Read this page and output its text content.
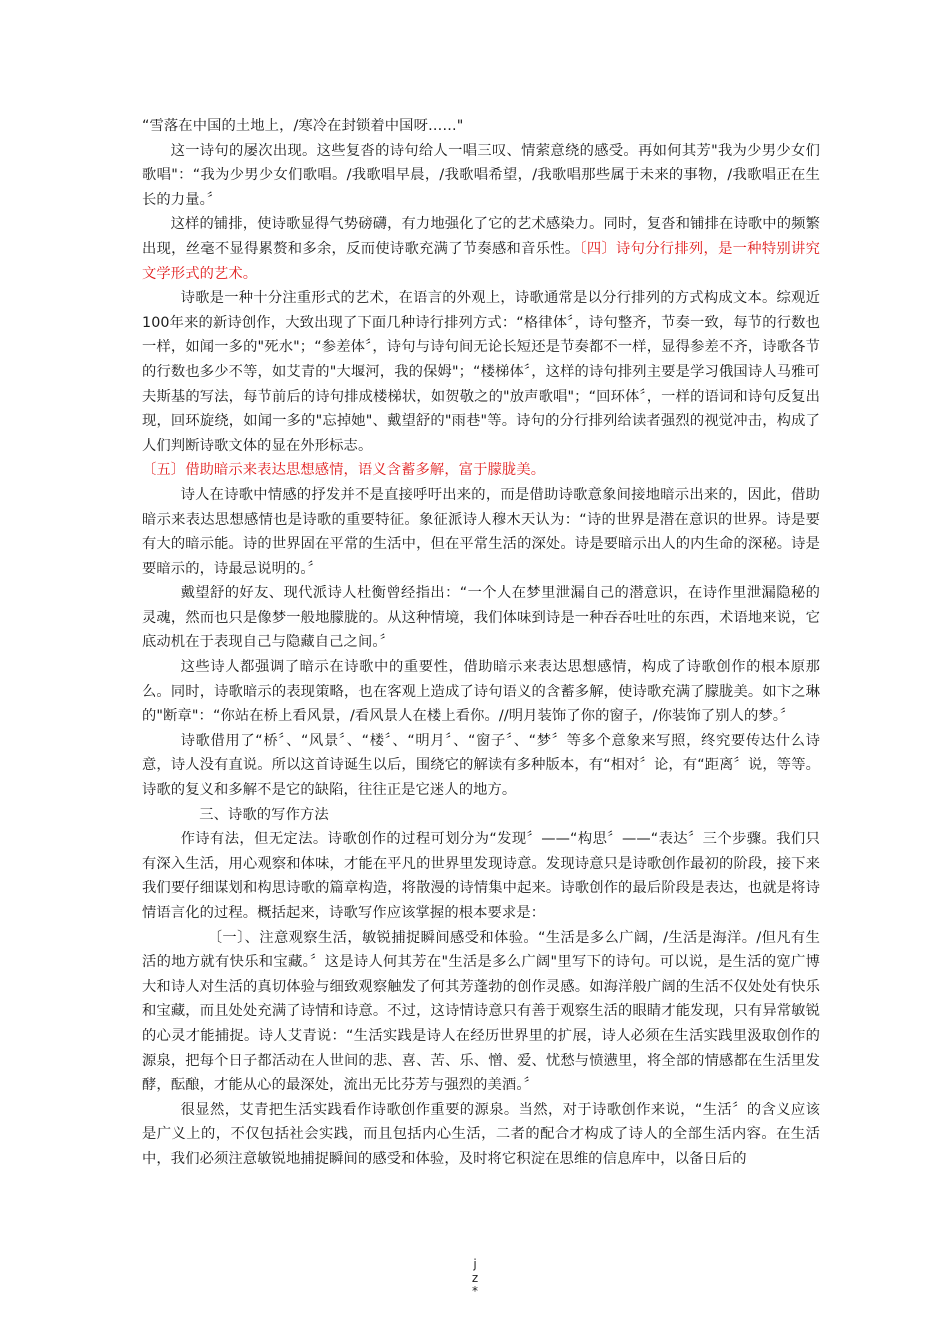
“雪落在中国的土地上，/寒冷在封锁着中国呀……"

这一诗句的屡次出现。这些复沓的诗句给人一唱三叹、情萦意绕的感受。再如何其芳"我为少男少女们歌唱"：“我为少男少女们歌唱。/我歌唱早晨，/我歌唱希望，/我歌唱那些属于未来的事物，/我歌唱正在生长的力量。〞

这样的铺排，使诗歌显得气势磅礴，有力地强化了它的艺术感染力。同时，复沓和铺排在诗歌中的频繁出现，丝毫不显得累赘和多余，反而使诗歌充满了节奏感和音乐性。〔四〕诗句分行排列，是一种特别讲究文学形式的艺术。

诗歌是一种十分注重形式的艺术，在语言的外观上，诗歌通常是以分行排列的方式构成文本。综观近100年来的新诗创作，大致出现了下面几种诗行排列方式：“格律体〞，诗句整齐，节奏一致，每节的行数也一样，如闻一多的"死水"；“参差体〞，诗句与诗句间无论长短还是节奏都不一样，显得参差不齐，诗歌各节的行数也多少不等，如艾青的"大堰河，我的保姆"；“楼梯体〞，这样的诗句排列主要是学习俄国诗人马雅可夫斯基的写法，每节前后的诗句排成楼梯状，如贺敬之的"放声歌唱"；“回环体〞，一样的语词和诗句反复出现，回环旋绕，如闻一多的"忘掉她"、戴望舒的"雨巷"等。诗句的分行排列给读者强烈的视觉冲击，构成了人们判断诗歌文体的显在外形标志。

〔五〕借助暗示来表达思想感情，语义含蓄多解，富于朦胧美。

诗人在诗歌中情感的抒发并不是直接呼吁出来的，而是借助诗歌意象间接地暗示出来的，因此，借助暗示来表达思想感情也是诗歌的重要特征。象征派诗人穆木天认为：“诗的世界是潜在意识的世界。诗是要有大的暗示能。诗的世界固在平常的生活中，但在平常生活的深处。诗是要暗示出人的内生命的深秘。诗是要暗示的，诗最忌说明的。〞

戴望舒的好友、现代派诗人杜衡曾经指出：“一个人在梦里泄漏自己的潜意识，在诗作里泄漏隐秘的灵魂，然而也只是像梦一般地朦胧的。从这种情境，我们体味到诗是一种吞吞吐吐的东西，术语地来说，它底动机在于表现自己与隐藏自己之间。〞

这些诗人都强调了暗示在诗歌中的重要性，借助暗示来表达思想感情，构成了诗歌创作的根本原那么。同时，诗歌暗示的表现策略，也在客观上造成了诗句语义的含蓄多解，使诗歌充满了朦胧美。如卞之琳的"断章"：“你站在桥上看风景，/看风景人在楼上看你。//明月装饰了你的窗子，/你装饰了别人的梦。〞

诗歌借用了“桥〞、“风景〞、“楼〞、“明月〞、“窗子〞、“梦〞等多个意象来写照，终究要传达什么诗意，诗人没有直说。所以这首诗诞生以后，围绕它的解读有多种版本，有“相对〞论，有“距离〞说，等等。诗歌的复义和多解不是它的缺陷，往往正是它迷人的地方。

三、诗歌的写作方法

作诗有法，但无定法。诗歌创作的过程可划分为“发现〞——“构思〞——“表达〞三个步骤。我们只有深入生活，用心观察和体味，才能在平凡的世界里发现诗意。发现诗意只是诗歌创作最初的阶段，接下来我们要仔细谋划和构思诗歌的篇章构造，将散漫的诗情集中起来。诗歌创作的最后阶段是表达，也就是将诗情语言化的过程。概括起来，诗歌写作应该掌握的根本要求是：

〔一〕、注意观察生活，敏锐捕捉瞬间感受和体验。“生活是多么广阔，/生活是海洋。/但凡有生活的地方就有快乐和宝藏。〞这是诗人何其芳在"生活是多么广阔"里写下的诗句。可以说，是生活的宽广博大和诗人对生活的真切体验与细致观察触发了何其芳蓬勃的创作灵感。如海洋般广阔的生活不仅处处有快乐和宝藏，而且处处充满了诗情和诗意。不过，这诗情诗意只有善于观察生活的眼睛才能发现，只有异常敏锐的心灵才能捕捉。诗人艾青说：“生活实践是诗人在经历世界里的扩展，诗人必须在生活实践里汲取创作的源泉，把每个日子都活动在人世间的悲、喜、苦、乐、憎、爱、忧愁与愤懑里，将全部的情感都在生活里发酵，酝酿，才能从心的最深处，流出无比芬芳与强烈的美酒。〞

很显然，艾青把生活实践看作诗歌创作重要的源泉。当然，对于诗歌创作来说，“生活〞的含义应该是广义上的，不仅包括社会实践，而且包括内心生活，二者的配合才构成了诗人的全部生活内容。在生活中，我们必须注意敏锐地捕捉瞬间的感受和体验，及时将它积淀在思维的信息库中，以备日后的

j
z
*
